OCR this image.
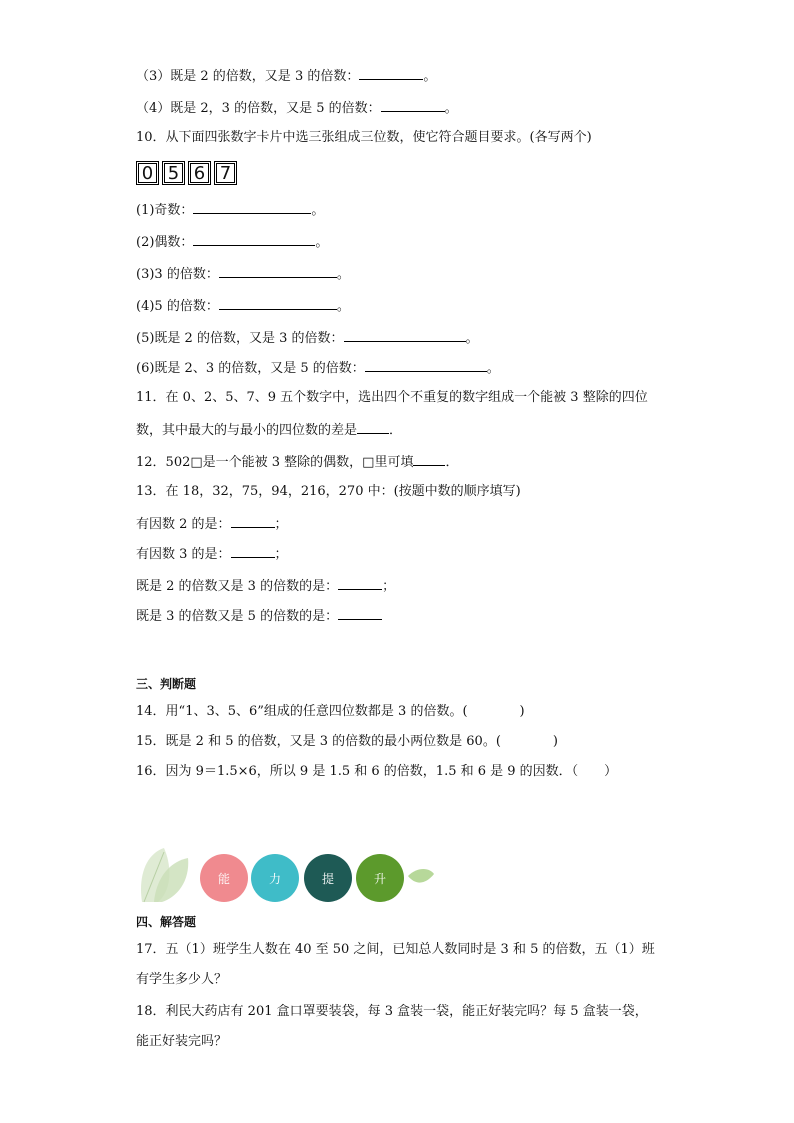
（3）既是 2 的倍数，又是 3 的倍数：	。
（4）既是 2，3 的倍数，又是 5 的倍数：	。
10．从下面四张数字卡片中选三张组成三位数，使它符合题目要求。(各写两个)
0 5 6 7
(1)奇数：	。
(2)偶数：	。
(3)3 的倍数：	。
(4)5 的倍数：	。
(5)既是 2 的倍数，又是 3 的倍数：	。
(6)既是 2、3 的倍数，又是 5 的倍数：	。
11．在 0、2、5、7、9 五个数字中，选出四个不重复的数字组成一个能被 3 整除的四位
数，其中最大的与最小的四位数的差是 ．
12．502□是一个能被 3 整除的偶数，□里可填 ．
13．在 18，32，75，94，216，270 中：(按题中数的顺序填写)
有因数 2 的是：	；
有因数 3 的是：	；
既是 2 的倍数又是 3 的倍数的是：	；
既是 3 的倍数又是 5 的倍数的是：
三、判断题
14．用“1、3、5、6”组成的任意四位数都是 3 的倍数。(　　　　)
15．既是 2 和 5 的倍数，又是 3 的倍数的最小两位数是 60。(　　　　)
16．因为 9＝1.5×6，所以 9 是 1.5 和 6 的倍数，1.5 和 6 是 9 的因数．（　　）
能	力	提	升
四、解答题
17．五（1）班学生人数在 40 至 50 之间，已知总人数同时是 3 和 5 的倍数，五（1）班
有学生多少人？
18．利民大药店有 201 盒口罩要装袋，每 3 盒装一袋，能正好装完吗？每 5 盒装一袋，
能正好装完吗？
